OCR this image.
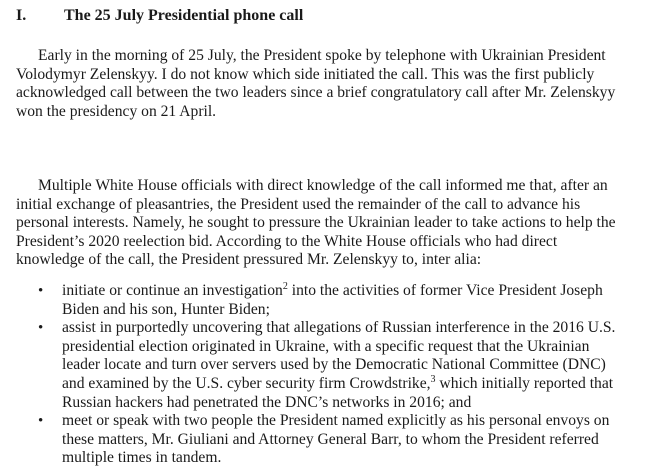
I. The 25 July Presidential phone call

Early in the morning of 25 July, the President spoke by telephone with Ukrainian President
Volodymyr Zelenskyy. I do not know which side initiated the call. This was the first publicly
acknowledged call between the two leaders since a brief congratulatory call after Mr. Zelenskyy
won the presidency on 21 April.

Multiple White House officials with direct knowledge of the call informed me that, after an
initial exchange of pleasantries, the President used the remainder of the call to advance his
personal interests. Namely, he sought to pressure the Ukrainian leader to take actions to help the
President’s 2020 reelection bid. According to the White House officials who had direct
knowledge of the call, the President pressured Mr. Zelenskyy to, inter alia:

• initiate or continue an investigation$^2$ into the activities of former Vice President Joseph
Biden and his son, Hunter Biden;
• assist in purportedly uncovering that allegations of Russian interference in the 2016 U.S.
presidential election originated in Ukraine, with a specific request that the Ukrainian
leader locate and turn over servers used by the Democratic National Committee (DNC)
and examined by the U.S. cyber security firm Crowdstrike,$^3$ which initially reported that
Russian hackers had penetrated the DNC’s networks in 2016; and
• meet or speak with two people the President named explicitly as his personal envoys on
these matters, Mr. Giuliani and Attorney General Barr, to whom the President referred
multiple times in tandem.
